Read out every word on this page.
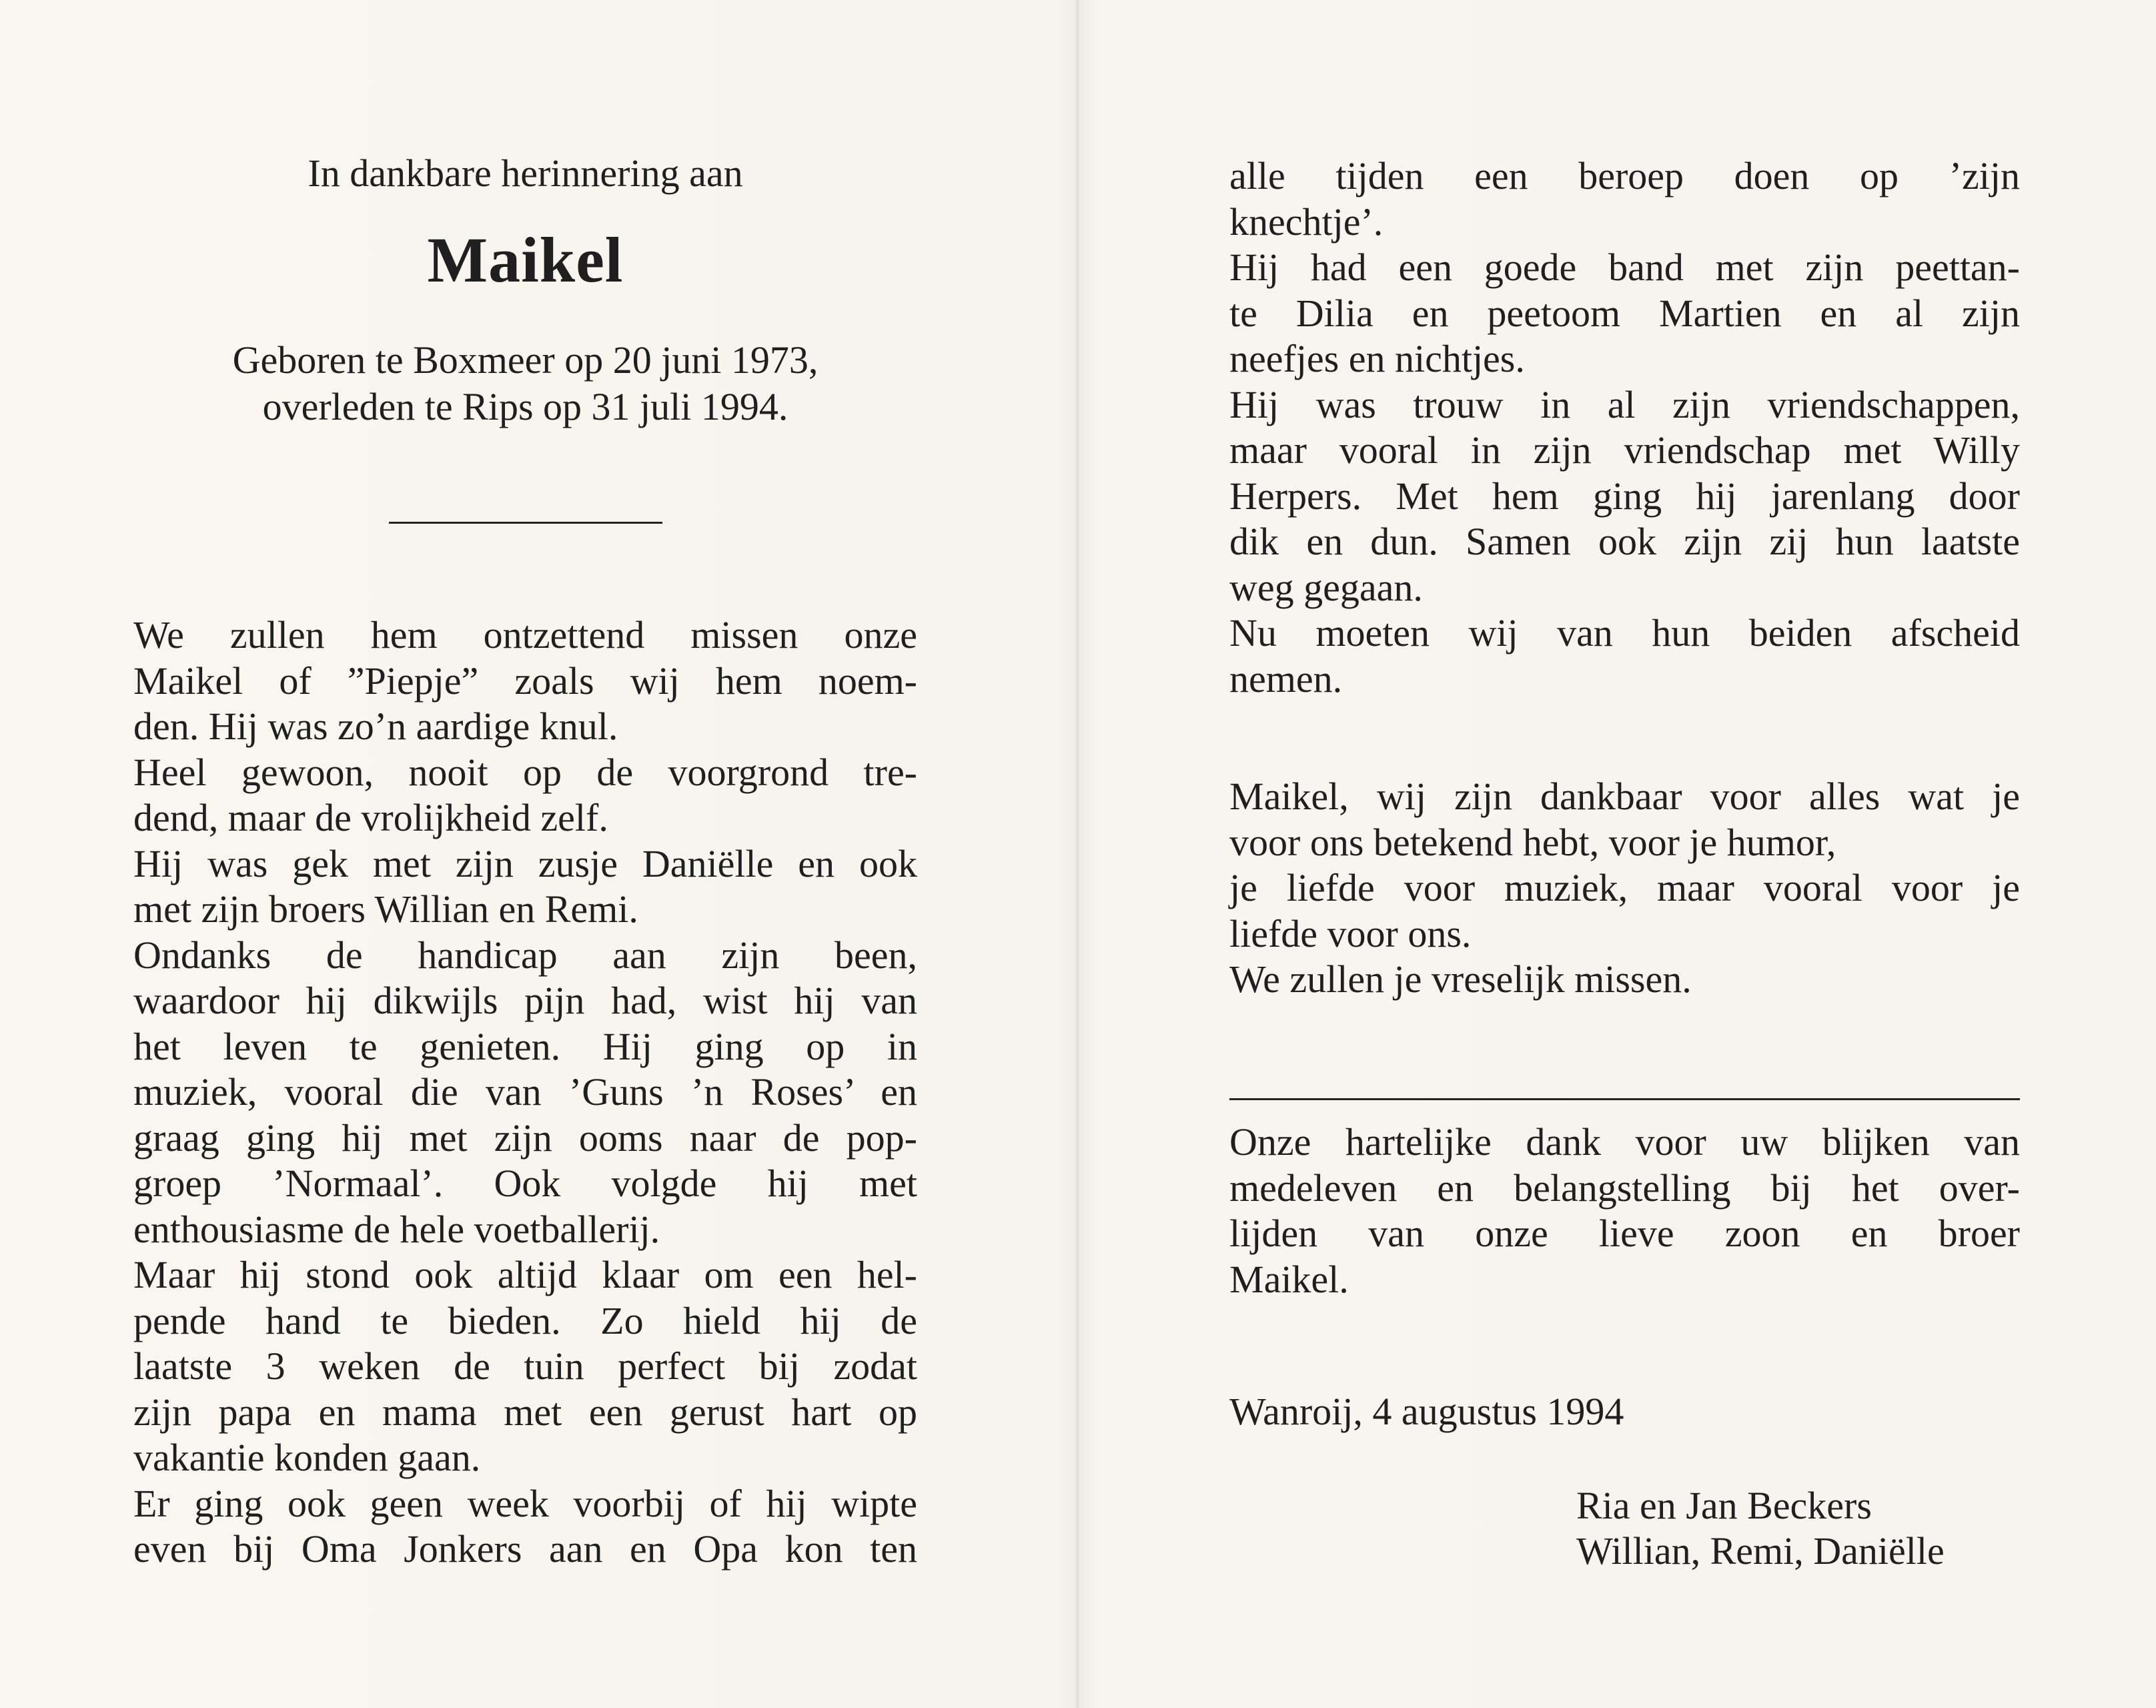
In dankbare herinnering aan
Maikel
Geboren te Boxmeer op 20 juni 1973,
overleden te Rips op 31 juli 1994.
We zullen hem ontzettend missen onze
Maikel of ”Piepje” zoals wij hem noem-
den. Hij was zo’n aardige knul.
Heel gewoon, nooit op de voorgrond tre-
dend, maar de vrolijkheid zelf.
Hij was gek met zijn zusje Daniëlle en ook
met zijn broers Willian en Remi.
Ondanks de handicap aan zijn been,
waardoor hij dikwijls pijn had, wist hij van
het leven te genieten. Hij ging op in
muziek, vooral die van ’Guns ’n Roses’ en
graag ging hij met zijn ooms naar de pop-
groep ’Normaal’. Ook volgde hij met
enthousiasme de hele voetballerij.
Maar hij stond ook altijd klaar om een hel-
pende hand te bieden. Zo hield hij de
laatste 3 weken de tuin perfect bij zodat
zijn papa en mama met een gerust hart op
vakantie konden gaan.
Er ging ook geen week voorbij of hij wipte
even bij Oma Jonkers aan en Opa kon ten
alle tijden een beroep doen op ’zijn
knechtje’.
Hij had een goede band met zijn peettan-
te Dilia en peetoom Martien en al zijn
neefjes en nichtjes.
Hij was trouw in al zijn vriendschappen,
maar vooral in zijn vriendschap met Willy
Herpers. Met hem ging hij jarenlang door
dik en dun. Samen ook zijn zij hun laatste
weg gegaan.
Nu moeten wij van hun beiden afscheid
nemen.
Maikel, wij zijn dankbaar voor alles wat je
voor ons betekend hebt, voor je humor,
je liefde voor muziek, maar vooral voor je
liefde voor ons.
We zullen je vreselijk missen.
Onze hartelijke dank voor uw blijken van
medeleven en belangstelling bij het over-
lijden van onze lieve zoon en broer
Maikel.
Wanroij, 4 augustus 1994
Ria en Jan Beckers
Willian, Remi, Daniëlle
